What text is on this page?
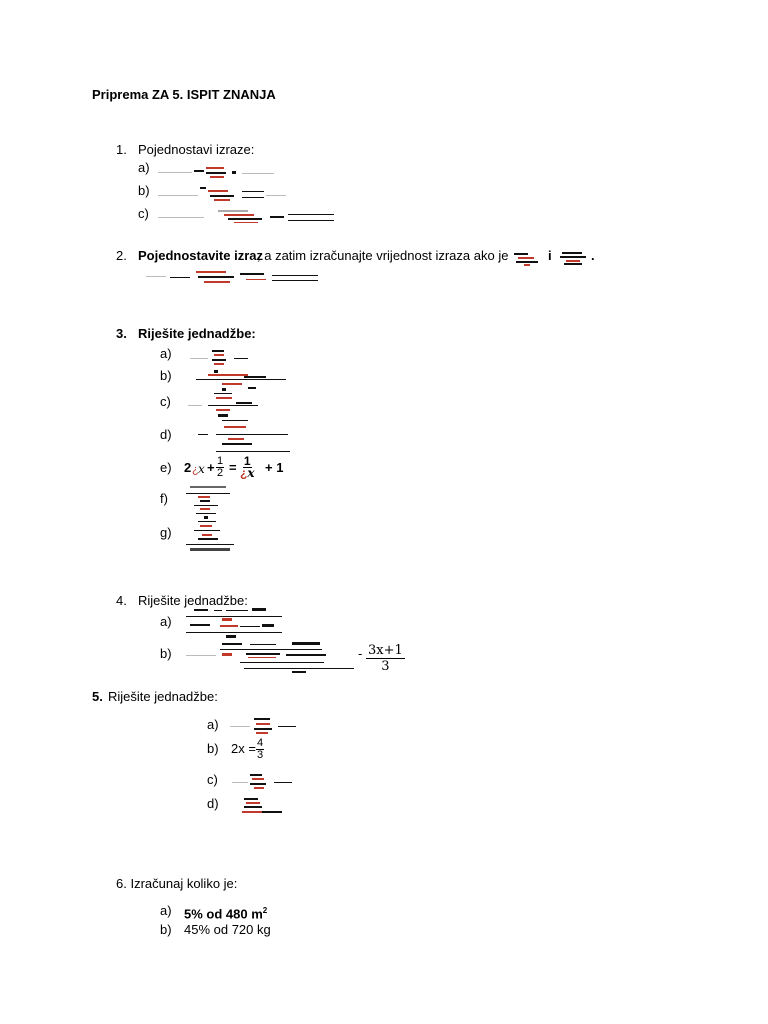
Priprema ZA 5. ISPIT ZNANJA
1. Pojednostavi izraze:
a)
b)
c)
2. Pojednostavite izraz
, a zatim izračunajte vrijednost izraza ako je	i	.
3. Riješite jednadžbe:
a)
b)
c)
d)
e)
f)
g)
2 ¿ $x + \frac{1}{2} = \frac{1}{¿x} + 1$
4. Riješite jednadžbe:
a)
b)	- $\frac{3x+1}{3}$
5. Riješite jednadžbe:
a)
b)
c)
d)
$2x = \frac{4}{3}$
6. Izračunaj koliko je:
a) 5% od 480 $m^2$
b) 45% od 720 kg
